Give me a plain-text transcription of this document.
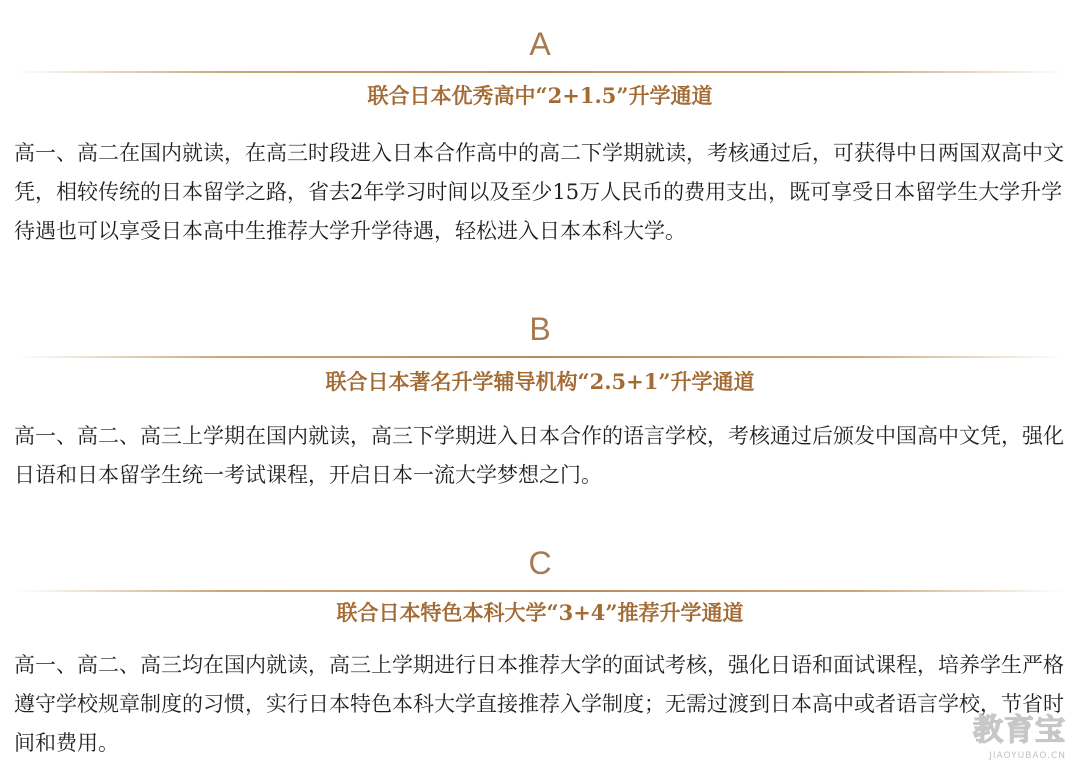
A
联合日本优秀高中“2+1.5”升学通道
高一、高二在国内就读，在高三时段进入日本合作高中的高二下学期就读，考核通过后，可获得中日两国双高中文凭，相较传统的日本留学之路，省去2年学习时间以及至少15万人民币的费用支出，既可享受日本留学生大学升学待遇也可以享受日本高中生推荐大学升学待遇，轻松进入日本本科大学。
B
联合日本著名升学辅导机构“2.5+1”升学通道
高一、高二、高三上学期在国内就读，高三下学期进入日本合作的语言学校，考核通过后颁发中国高中文凭，强化日语和日本留学生统一考试课程，开启日本一流大学梦想之门。
C
联合日本特色本科大学“3+4”推荐升学通道
高一、高二、高三均在国内就读，高三上学期进行日本推荐大学的面试考核，强化日语和面试课程，培养学生严格遵守学校规章制度的习惯，实行日本特色本科大学直接推荐入学制度；无需过渡到日本高中或者语言学校，节省时间和费用。	教育宝
JIAOYUBAO.CN
